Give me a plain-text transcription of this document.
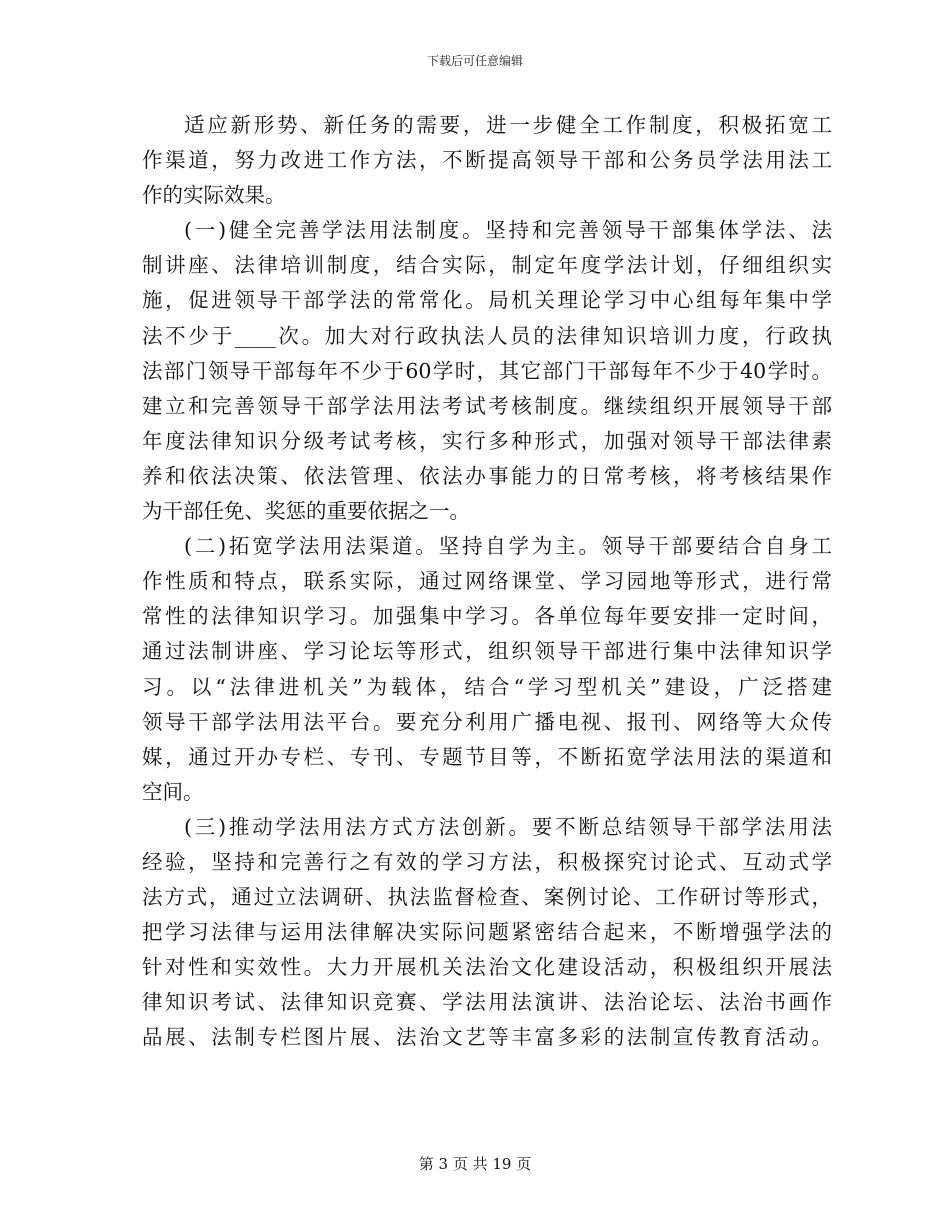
下载后可任意编辑
适应新形势、新任务的需要，进一步健全工作制度，积极拓宽工
作渠道，努力改进工作方法，不断提高领导干部和公务员学法用法工
作的实际效果。
(一)健全完善学法用法制度。坚持和完善领导干部集体学法、法
制讲座、法律培训制度，结合实际，制定年度学法计划，仔细组织实
施，促进领导干部学法的常常化。局机关理论学习中心组每年集中学
法不少于____次。加大对行政执法人员的法律知识培训力度，行政执
法部门领导干部每年不少于60学时，其它部门干部每年不少于40学时。
建立和完善领导干部学法用法考试考核制度。继续组织开展领导干部
年度法律知识分级考试考核，实行多种形式，加强对领导干部法律素
养和依法决策、依法管理、依法办事能力的日常考核，将考核结果作
为干部任免、奖惩的重要依据之一。
(二)拓宽学法用法渠道。坚持自学为主。领导干部要结合自身工
作性质和特点，联系实际，通过网络课堂、学习园地等形式，进行常
常性的法律知识学习。加强集中学习。各单位每年要安排一定时间，
通过法制讲座、学习论坛等形式，组织领导干部进行集中法律知识学
习。以“法律进机关”为载体，结合“学习型机关”建设，广泛搭建
领导干部学法用法平台。要充分利用广播电视、报刊、网络等大众传
媒，通过开办专栏、专刊、专题节目等，不断拓宽学法用法的渠道和
空间。
(三)推动学法用法方式方法创新。要不断总结领导干部学法用法
经验，坚持和完善行之有效的学习方法，积极探究讨论式、互动式学
法方式，通过立法调研、执法监督检查、案例讨论、工作研讨等形式，
把学习法律与运用法律解决实际问题紧密结合起来，不断增强学法的
针对性和实效性。大力开展机关法治文化建设活动，积极组织开展法
律知识考试、法律知识竞赛、学法用法演讲、法治论坛、法治书画作
品展、法制专栏图片展、法治文艺等丰富多彩的法制宣传教育活动。
第 3 页 共 19 页
